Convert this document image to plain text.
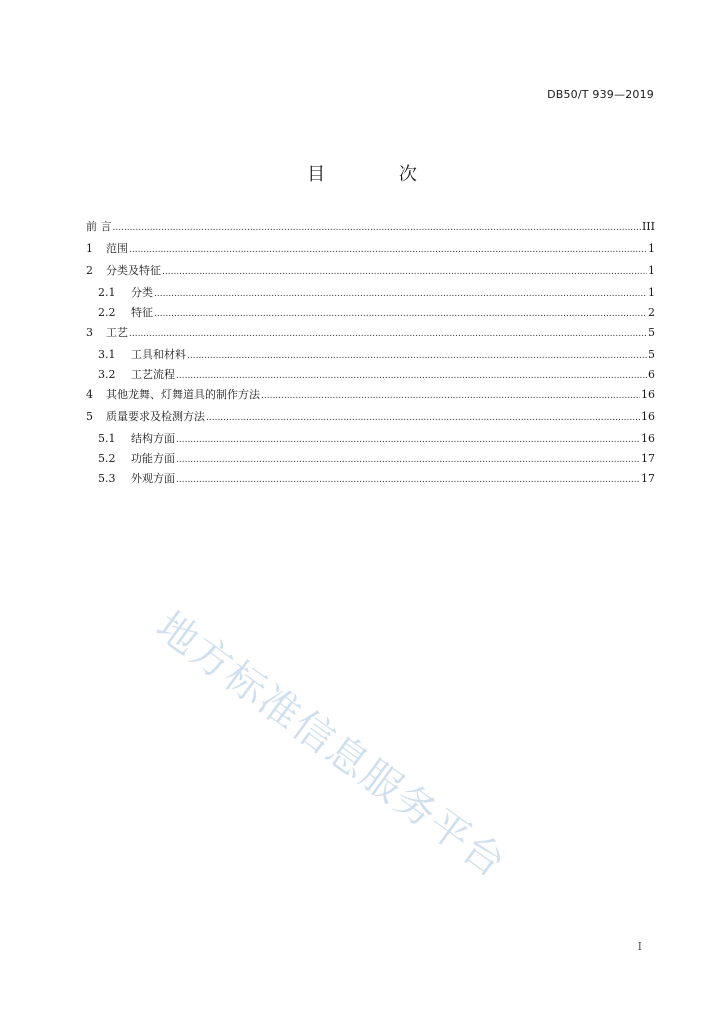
DB50/T 939—2019
目 次
前 言 .....	III
1	范围 .....	1
2	分类及特征 .....	1
2.1	分类 .....	1
2.2	特征 .....	2
3	工艺 .....	5
3.1	工具和材料 .....	5
3.2	工艺流程 .....	6
4	其他龙舞、灯舞道具的制作方法 .....	16
5	质量要求及检测方法 .....	16
5.1	结构方面 .....	16
5.2	功能方面 .....	17
5.3	外观方面 .....	17
地方标准信息服务平台
I
